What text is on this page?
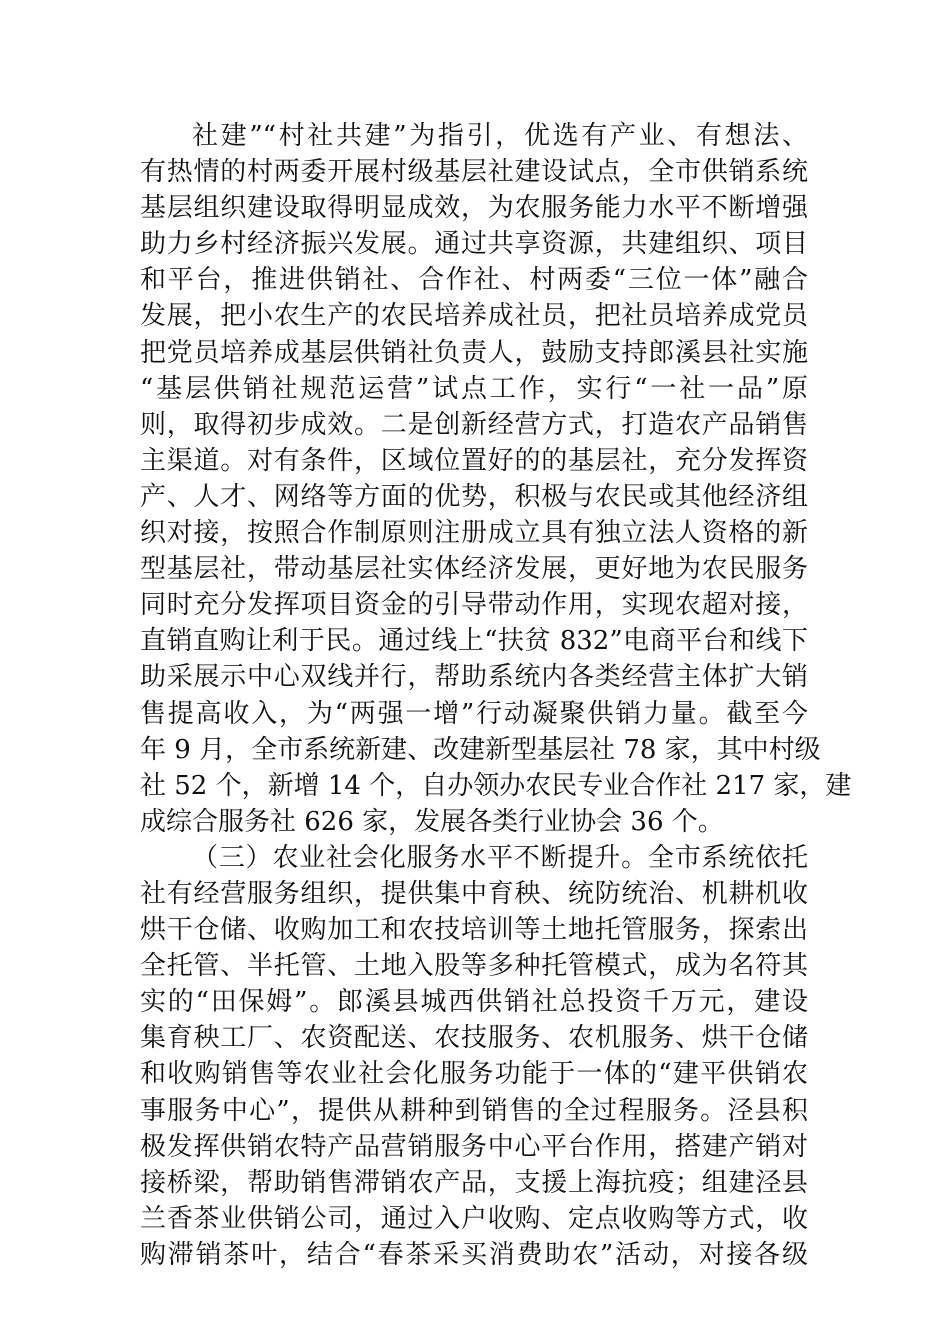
社建”“村社共建”为指引，优选有产业、有想法、
有热情的村两委开展村级基层社建设试点，全市供销系统
基层组织建设取得明显成效，为农服务能力水平不断增强
助力乡村经济振兴发展。通过共享资源，共建组织、项目
和平台，推进供销社、合作社、村两委“三位一体”融合
发展，把小农生产的农民培养成社员，把社员培养成党员
把党员培养成基层供销社负责人，鼓励支持郎溪县社实施
“基层供销社规范运营”试点工作，实行“一社一品”原
则，取得初步成效。二是创新经营方式，打造农产品销售
主渠道。对有条件，区域位置好的的基层社，充分发挥资
产、人才、网络等方面的优势，积极与农民或其他经济组
织对接，按照合作制原则注册成立具有独立法人资格的新
型基层社，带动基层社实体经济发展，更好地为农民服务
同时充分发挥项目资金的引导带动作用，实现农超对接，
直销直购让利于民。通过线上“扶贫 832”电商平台和线下
助采展示中心双线并行，帮助系统内各类经营主体扩大销
售提高收入，为“两强一增”行动凝聚供销力量。截至今
年 9 月，全市系统新建、改建新型基层社 78 家，其中村级
社 52 个，新增 14 个，自办领办农民专业合作社 217 家，建
成综合服务社 626 家，发展各类行业协会 36 个。
（三）农业社会化服务水平不断提升。全市系统依托
社有经营服务组织，提供集中育秧、统防统治、机耕机收
烘干仓储、收购加工和农技培训等土地托管服务，探索出
全托管、半托管、土地入股等多种托管模式，成为名符其
实的“田保姆”。郎溪县城西供销社总投资千万元，建设
集育秧工厂、农资配送、农技服务、农机服务、烘干仓储
和收购销售等农业社会化服务功能于一体的“建平供销农
事服务中心”，提供从耕种到销售的全过程服务。泾县积
极发挥供销农特产品营销服务中心平台作用，搭建产销对
接桥梁，帮助销售滞销农产品，支援上海抗疫；组建泾县
兰香茶业供销公司，通过入户收购、定点收购等方式，收
购滞销茶叶，结合“春茶采买消费助农”活动，对接各级
